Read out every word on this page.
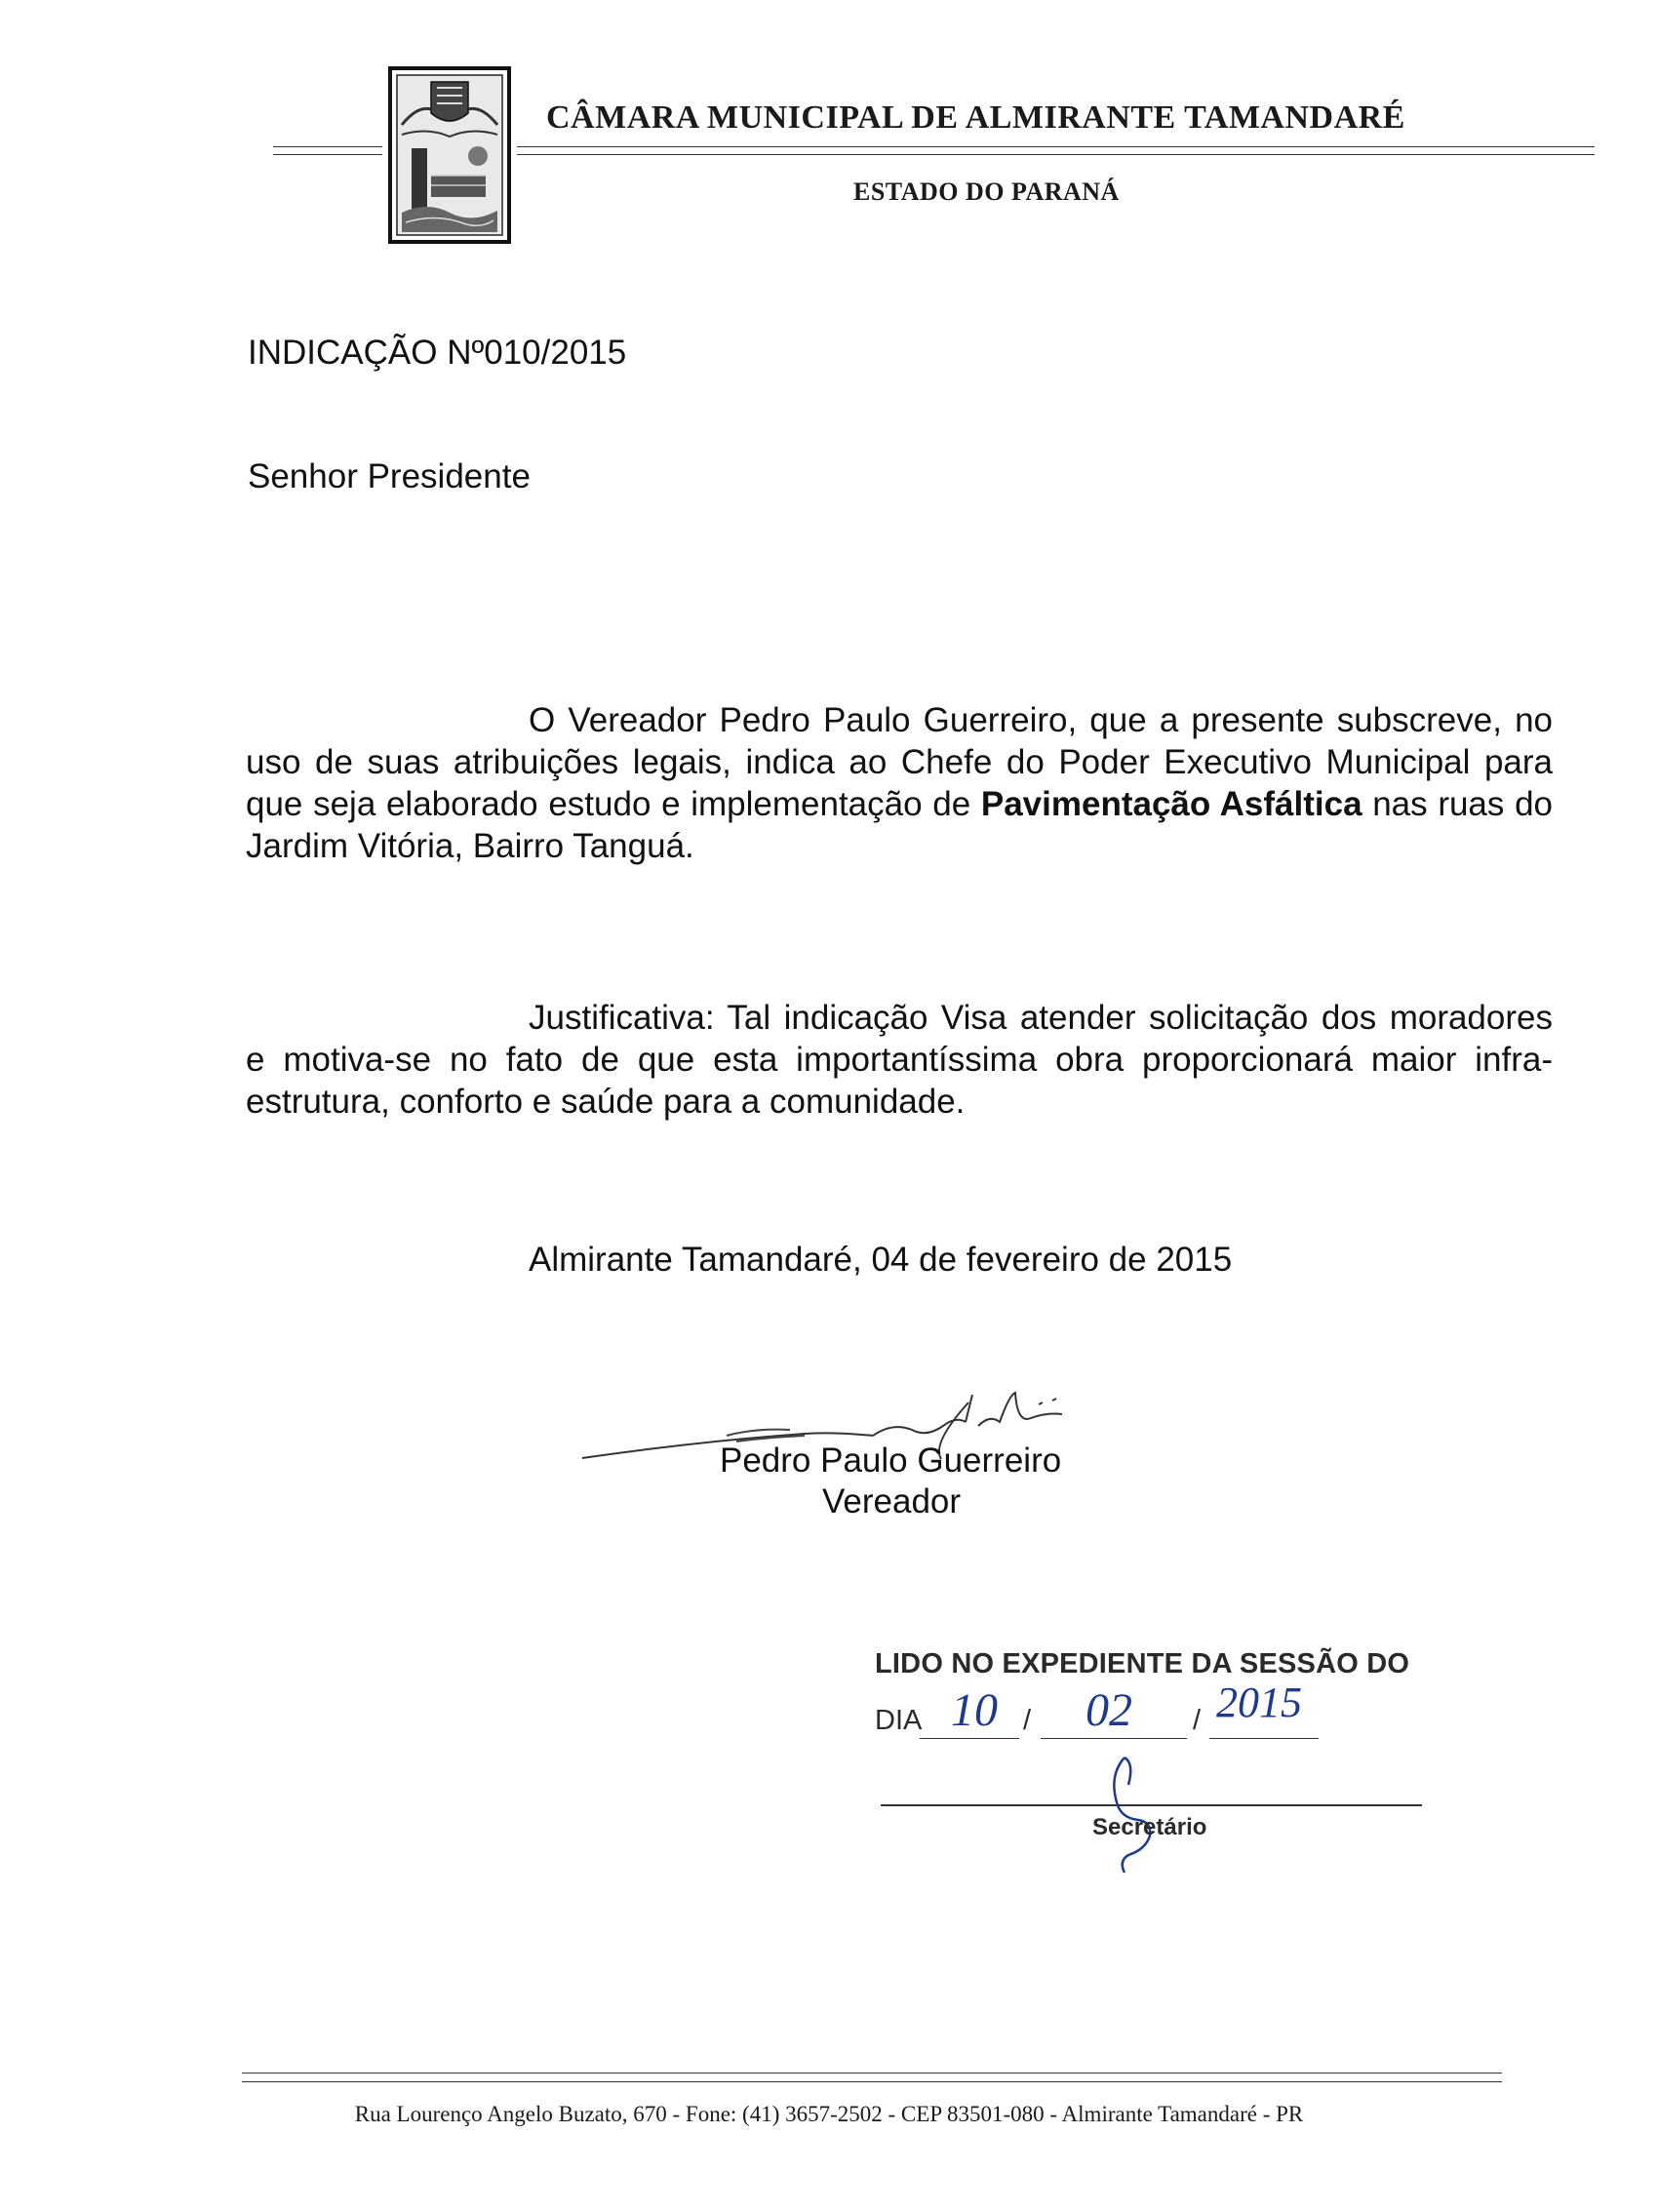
CÂMARA MUNICIPAL DE ALMIRANTE TAMANDARÉ
ESTADO DO PARANÁ
INDICAÇÃO Nº010/2015
Senhor Presidente
O Vereador Pedro Paulo Guerreiro, que a presente subscreve, no uso de suas atribuições legais, indica ao Chefe do Poder Executivo Municipal para que seja elaborado estudo e implementação de Pavimentação Asfáltica nas ruas do Jardim Vitória, Bairro Tanguá.
Justificativa: Tal indicação Visa atender solicitação dos moradores e motiva-se no fato de que esta importantíssima obra proporcionará maior infra-estrutura, conforto e saúde para a comunidade.
Almirante Tamandaré, 04 de fevereiro de 2015
Pedro Paulo Guerreiro
Vereador
LIDO NO EXPEDIENTE DA SESSÃO DO
DIA	/	/
10 02 2015
Secretário
Rua Lourenço Angelo Buzato, 670 - Fone: (41) 3657-2502 - CEP 83501-080 - Almirante Tamandaré - PR
